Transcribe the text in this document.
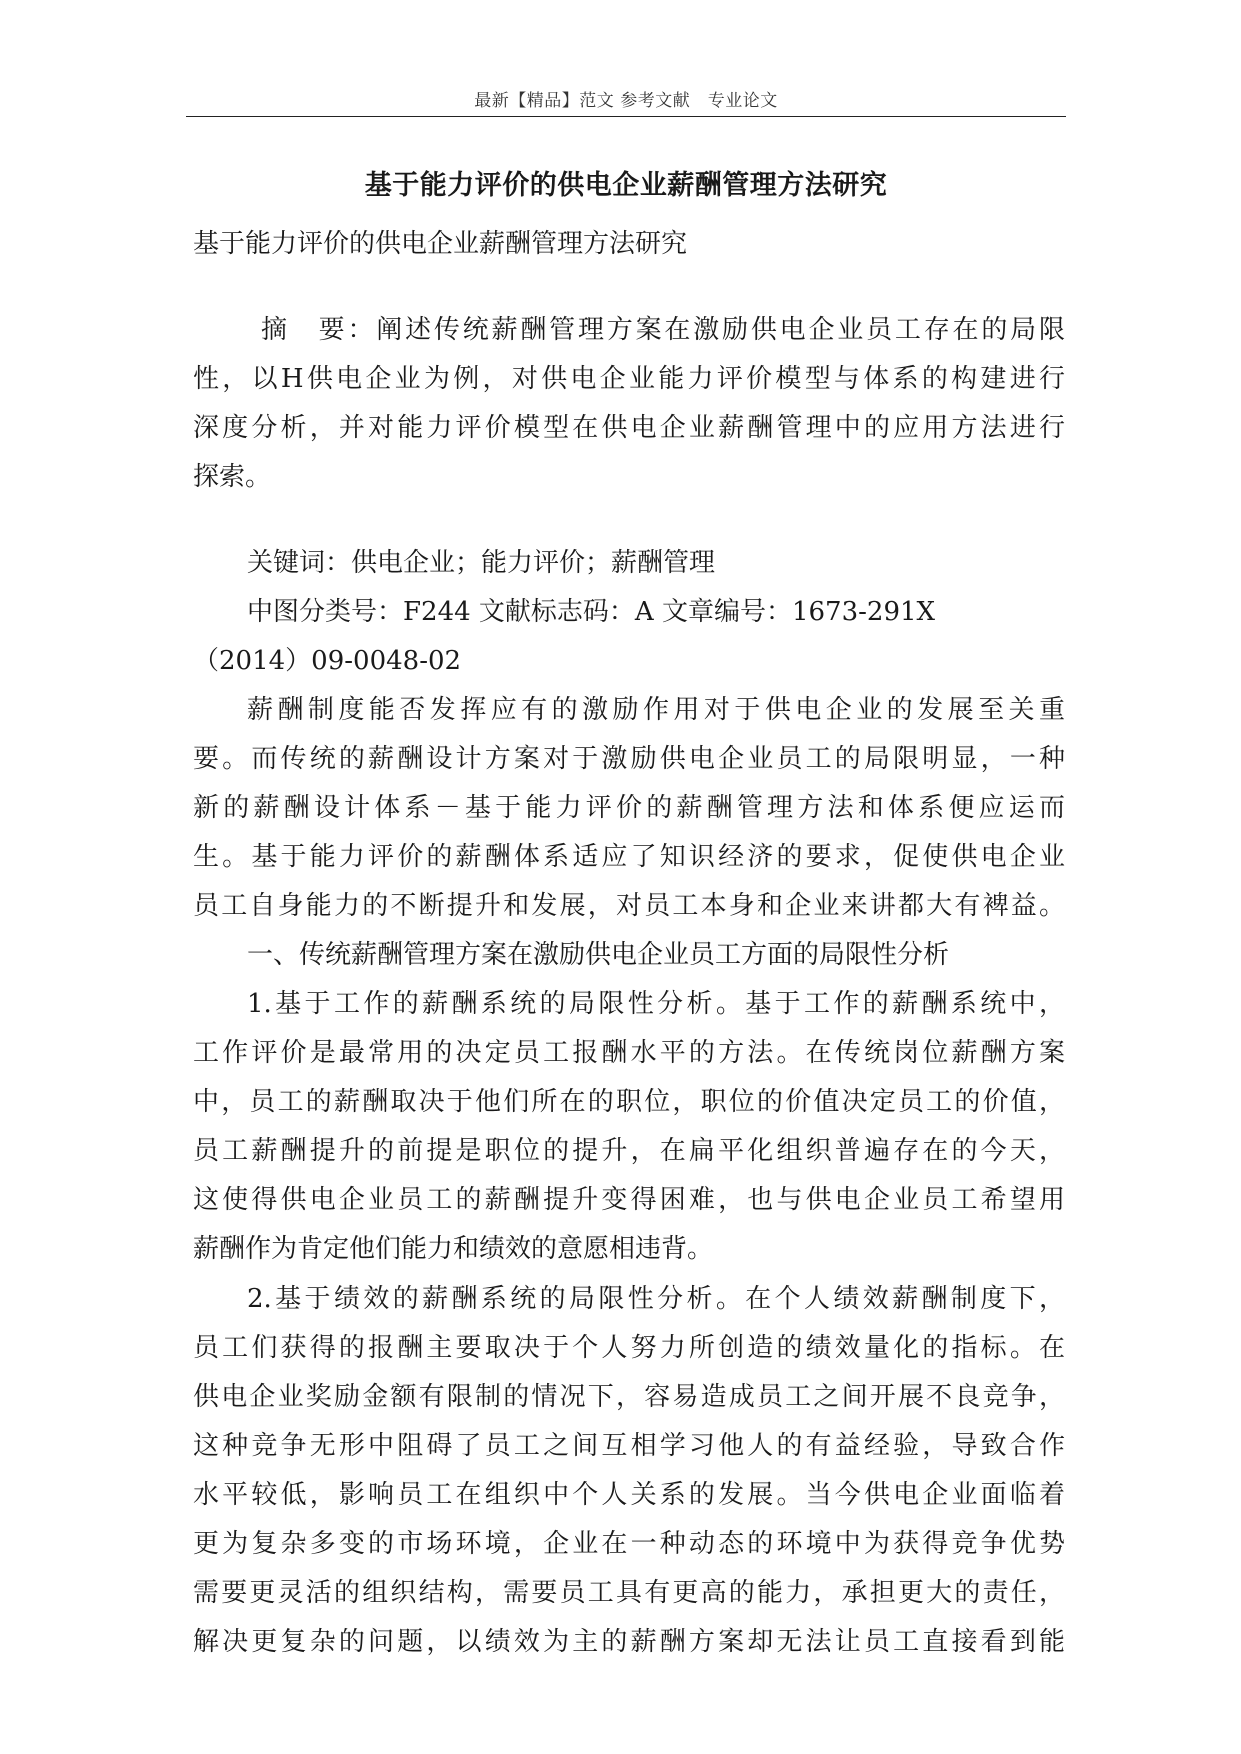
最新【精品】范文 参考文献　专业论文
基于能力评价的供电企业薪酬管理方法研究
基于能力评价的供电企业薪酬管理方法研究
摘　要：阐述传统薪酬管理方案在激励供电企业员工存在的局限
性，以H供电企业为例，对供电企业能力评价模型与体系的构建进行
深度分析，并对能力评价模型在供电企业薪酬管理中的应用方法进行
探索。
关键词：供电企业；能力评价；薪酬管理
中图分类号：F244 文献标志码：A 文章编号：1673-291X
（2014）09-0048-02
薪酬制度能否发挥应有的激励作用对于供电企业的发展至关重
要。而传统的薪酬设计方案对于激励供电企业员工的局限明显，一种
新的薪酬设计体系－基于能力评价的薪酬管理方法和体系便应运而
生。基于能力评价的薪酬体系适应了知识经济的要求，促使供电企业
员工自身能力的不断提升和发展，对员工本身和企业来讲都大有裨益。
一、传统薪酬管理方案在激励供电企业员工方面的局限性分析
1.基于工作的薪酬系统的局限性分析。基于工作的薪酬系统中，
工作评价是最常用的决定员工报酬水平的方法。在传统岗位薪酬方案
中，员工的薪酬取决于他们所在的职位，职位的价值决定员工的价值，
员工薪酬提升的前提是职位的提升，在扁平化组织普遍存在的今天，
这使得供电企业员工的薪酬提升变得困难，也与供电企业员工希望用
薪酬作为肯定他们能力和绩效的意愿相违背。
2.基于绩效的薪酬系统的局限性分析。在个人绩效薪酬制度下，
员工们获得的报酬主要取决于个人努力所创造的绩效量化的指标。在
供电企业奖励金额有限制的情况下，容易造成员工之间开展不良竞争，
这种竞争无形中阻碍了员工之间互相学习他人的有益经验，导致合作
水平较低，影响员工在组织中个人关系的发展。当今供电企业面临着
更为复杂多变的市场环境，企业在一种动态的环境中为获得竞争优势
需要更灵活的组织结构，需要员工具有更高的能力，承担更大的责任，
解决更复杂的问题，以绩效为主的薪酬方案却无法让员工直接看到能
